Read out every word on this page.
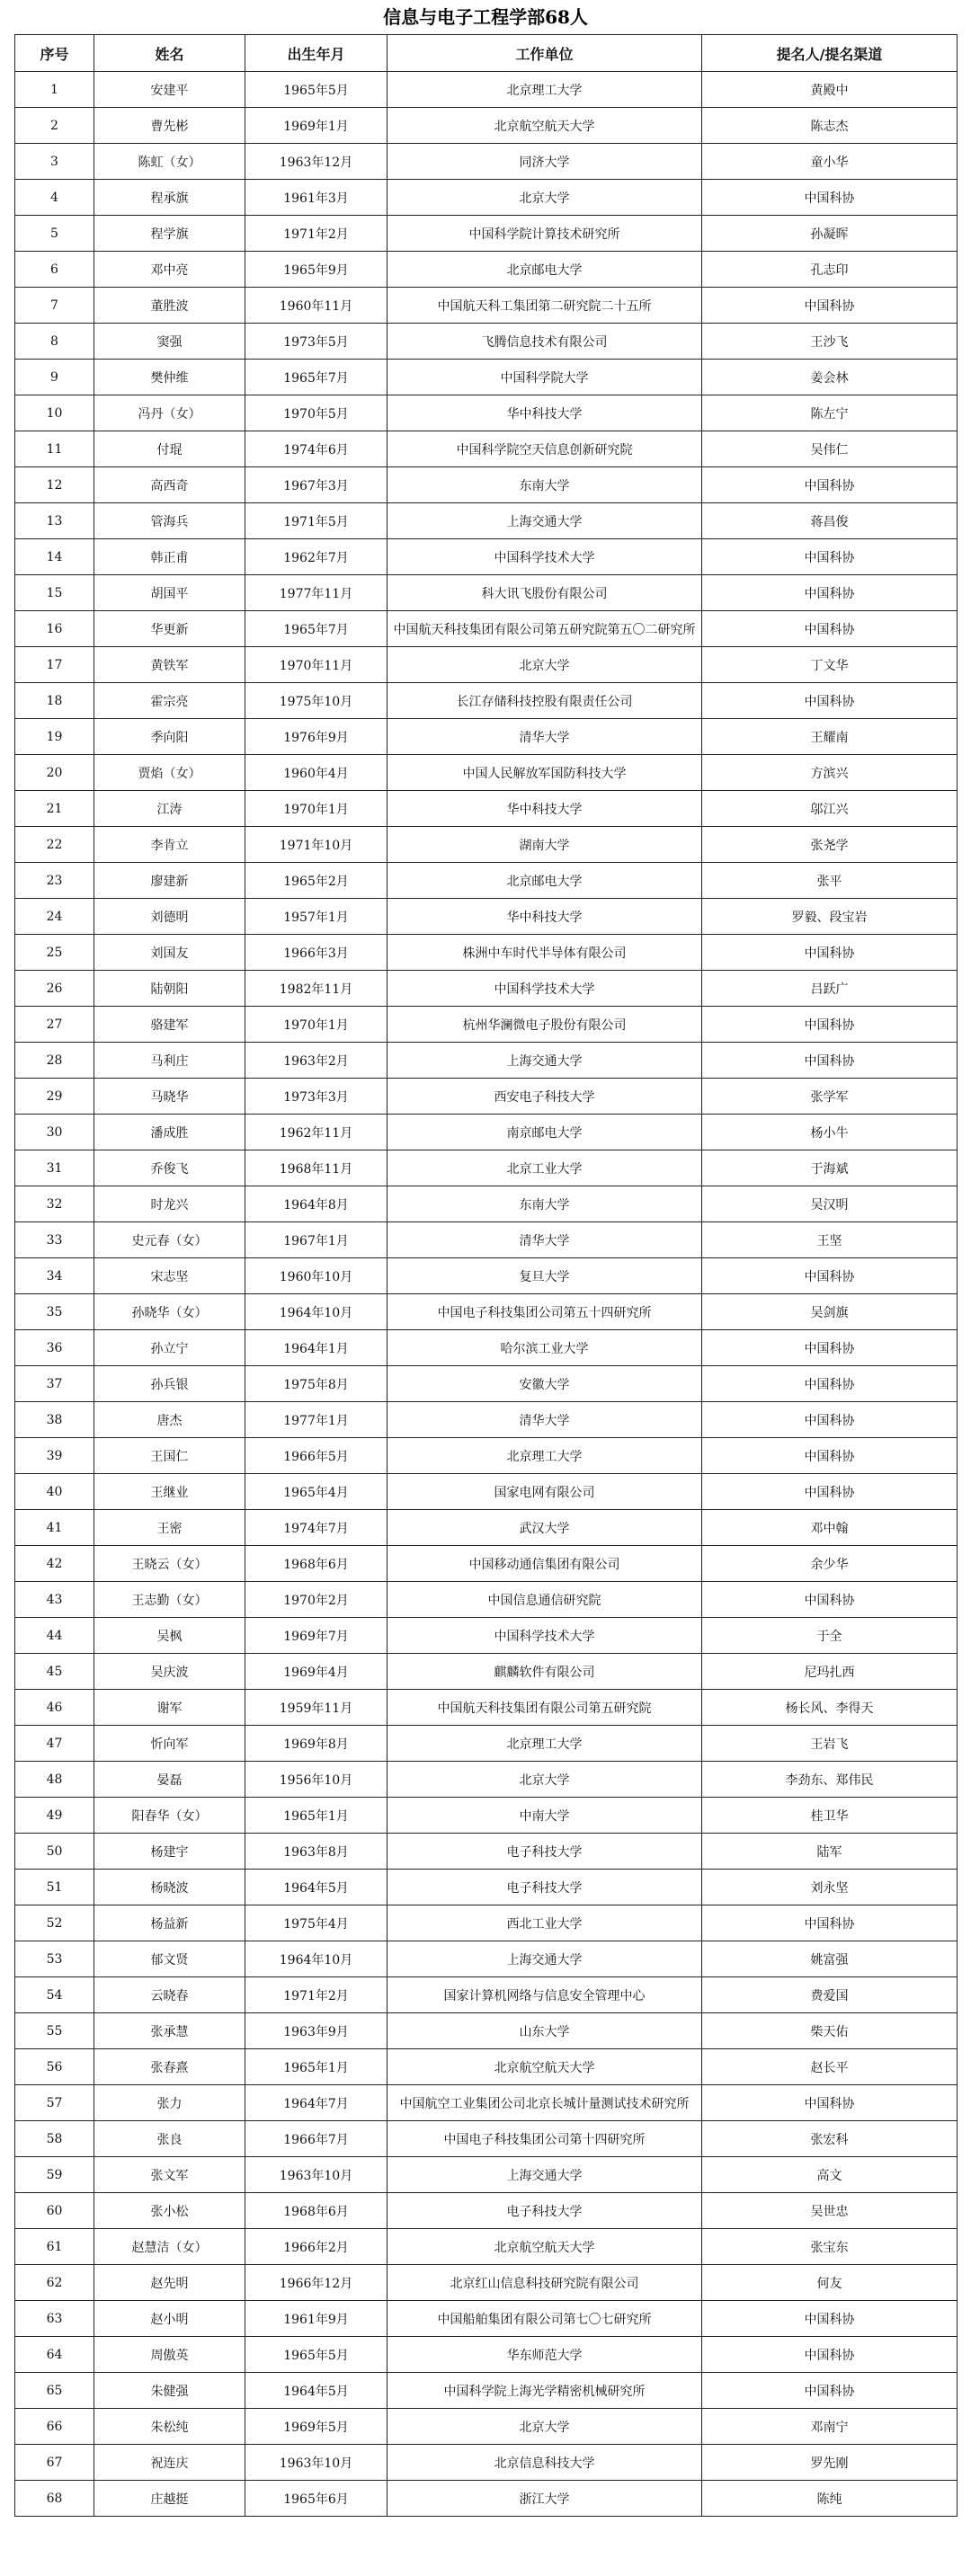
信息与电子工程学部68人
序号	姓名	出生年月	工作单位	提名人/提名渠道
1	安建平	1965年5月	北京理工大学	黄殿中
2	曹先彬	1969年1月	北京航空航天大学	陈志杰
3	陈虹（女）	1963年12月	同济大学	童小华
4	程承旗	1961年3月	北京大学	中国科协
5	程学旗	1971年2月	中国科学院计算技术研究所	孙凝晖
6	邓中亮	1965年9月	北京邮电大学	孔志印
7	董胜波	1960年11月	中国航天科工集团第二研究院二十五所	中国科协
8	窦强	1973年5月	飞腾信息技术有限公司	王沙飞
9	樊仲维	1965年7月	中国科学院大学	姜会林
10	冯丹（女）	1970年5月	华中科技大学	陈左宁
11	付琨	1974年6月	中国科学院空天信息创新研究院	吴伟仁
12	高西奇	1967年3月	东南大学	中国科协
13	管海兵	1971年5月	上海交通大学	蒋昌俊
14	韩正甫	1962年7月	中国科学技术大学	中国科协
15	胡国平	1977年11月	科大讯飞股份有限公司	中国科协
16	华更新	1965年7月	中国航天科技集团有限公司第五研究院第五〇二研究所	中国科协
17	黄铁军	1970年11月	北京大学	丁文华
18	霍宗亮	1975年10月	长江存储科技控股有限责任公司	中国科协
19	季向阳	1976年9月	清华大学	王耀南
20	贾焰（女）	1960年4月	中国人民解放军国防科技大学	方滨兴
21	江涛	1970年1月	华中科技大学	邬江兴
22	李肯立	1971年10月	湖南大学	张尧学
23	廖建新	1965年2月	北京邮电大学	张平
24	刘德明	1957年1月	华中科技大学	罗毅、段宝岩
25	刘国友	1966年3月	株洲中车时代半导体有限公司	中国科协
26	陆朝阳	1982年11月	中国科学技术大学	吕跃广
27	骆建军	1970年1月	杭州华澜微电子股份有限公司	中国科协
28	马利庄	1963年2月	上海交通大学	中国科协
29	马晓华	1973年3月	西安电子科技大学	张学军
30	潘成胜	1962年11月	南京邮电大学	杨小牛
31	乔俊飞	1968年11月	北京工业大学	于海斌
32	时龙兴	1964年8月	东南大学	吴汉明
33	史元春（女）	1967年1月	清华大学	王坚
34	宋志坚	1960年10月	复旦大学	中国科协
35	孙晓华（女）	1964年10月	中国电子科技集团公司第五十四研究所	吴剑旗
36	孙立宁	1964年1月	哈尔滨工业大学	中国科协
37	孙兵银	1975年8月	安徽大学	中国科协
38	唐杰	1977年1月	清华大学	中国科协
39	王国仁	1966年5月	北京理工大学	中国科协
40	王继业	1965年4月	国家电网有限公司	中国科协
41	王密	1974年7月	武汉大学	邓中翰
42	王晓云（女）	1968年6月	中国移动通信集团有限公司	余少华
43	王志勤（女）	1970年2月	中国信息通信研究院	中国科协
44	吴枫	1969年7月	中国科学技术大学	于全
45	吴庆波	1969年4月	麒麟软件有限公司	尼玛扎西
46	谢军	1959年11月	中国航天科技集团有限公司第五研究院	杨长风、李得天
47	忻向军	1969年8月	北京理工大学	王岩飞
48	晏磊	1956年10月	北京大学	李劲东、郑伟民
49	阳春华（女）	1965年1月	中南大学	桂卫华
50	杨建宇	1963年8月	电子科技大学	陆军
51	杨晓波	1964年5月	电子科技大学	刘永坚
52	杨益新	1975年4月	西北工业大学	中国科协
53	郁文贤	1964年10月	上海交通大学	姚富强
54	云晓春	1971年2月	国家计算机网络与信息安全管理中心	费爱国
55	张承慧	1963年9月	山东大学	柴天佑
56	张春熹	1965年1月	北京航空航天大学	赵长平
57	张力	1964年7月	中国航空工业集团公司北京长城计量测试技术研究所	中国科协
58	张良	1966年7月	中国电子科技集团公司第十四研究所	张宏科
59	张文军	1963年10月	上海交通大学	高文
60	张小松	1968年6月	电子科技大学	吴世忠
61	赵慧洁（女）	1966年2月	北京航空航天大学	张宝东
62	赵先明	1966年12月	北京红山信息科技研究院有限公司	何友
63	赵小明	1961年9月	中国船舶集团有限公司第七〇七研究所	中国科协
64	周傲英	1965年5月	华东师范大学	中国科协
65	朱健强	1964年5月	中国科学院上海光学精密机械研究所	中国科协
66	朱松纯	1969年5月	北京大学	邓南宁
67	祝连庆	1963年10月	北京信息科技大学	罗先刚
68	庄越挺	1965年6月	浙江大学	陈纯
